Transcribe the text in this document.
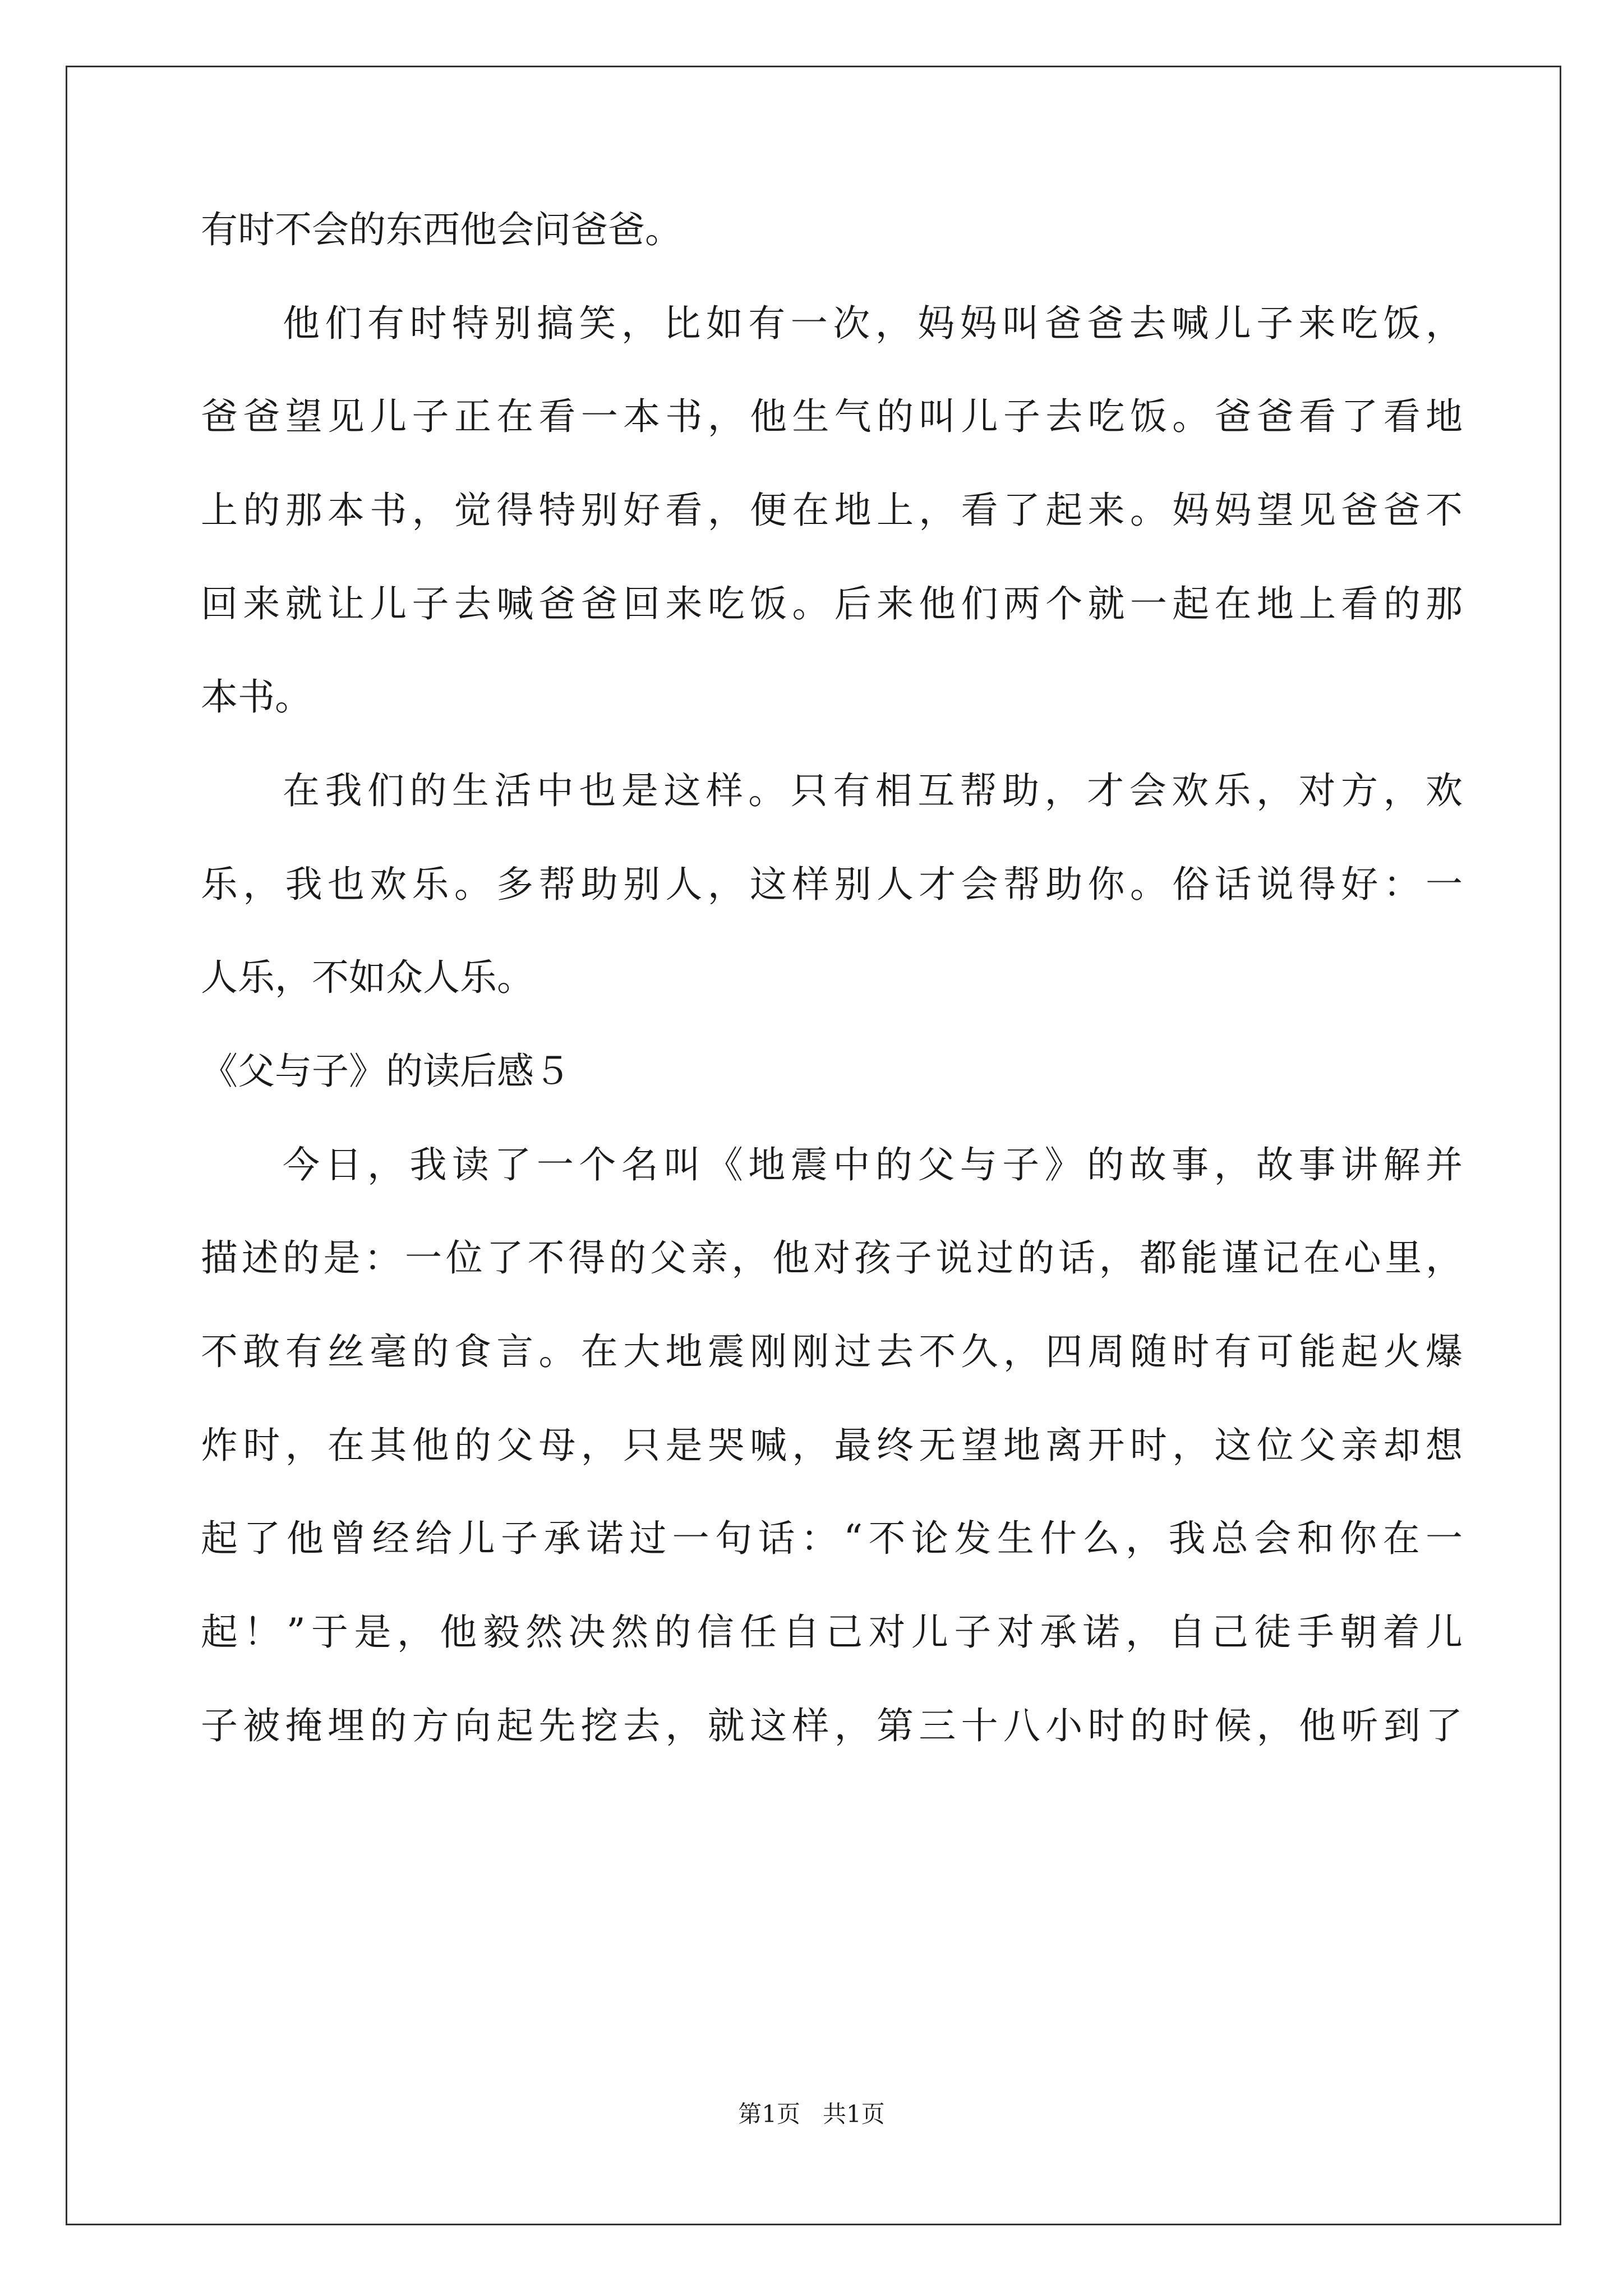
有时不会的东西他会问爸爸。
他们有时特别搞笑，比如有一次，妈妈叫爸爸去喊儿子来吃饭，
爸爸望见儿子正在看一本书，他生气的叫儿子去吃饭。爸爸看了看地
上的那本书，觉得特别好看，便在地上，看了起来。妈妈望见爸爸不
回来就让儿子去喊爸爸回来吃饭。后来他们两个就一起在地上看的那
本书。
在我们的生活中也是这样。只有相互帮助，才会欢乐，对方，欢
乐，我也欢乐。多帮助别人，这样别人才会帮助你。俗话说得好：一
人乐，不如众人乐。
《父与子》的读后感５
今日，我读了一个名叫《地震中的父与子》的故事，故事讲解并
描述的是：一位了不得的父亲，他对孩子说过的话，都能谨记在心里，
不敢有丝毫的食言。在大地震刚刚过去不久，四周随时有可能起火爆
炸时，在其他的父母，只是哭喊，最终无望地离开时，这位父亲却想
起了他曾经给儿子承诺过一句话：“不论发生什么，我总会和你在一
起！”于是，他毅然决然的信任自己对儿子对承诺，自己徒手朝着儿
子被掩埋的方向起先挖去，就这样，第三十八小时的时候，他听到了
第1页   共1页
